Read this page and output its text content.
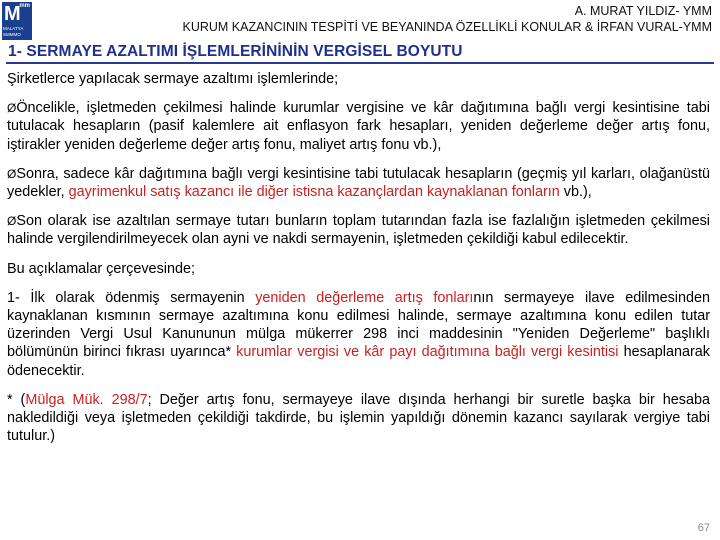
M
mm
MALATYA SMMMO
A. MURAT YILDIZ- YMM
KURUM KAZANCININ TESPİTİ VE BEYANINDA ÖZELLİKLİ KONULAR & İRFAN VURAL-YMM
1- SERMAYE AZALTIMI İŞLEMLERİNİNİN VERGİSEL BOYUTU

Şirketlerce yapılacak sermaye azaltımı işlemlerinde;

ØÖncelikle, işletmeden çekilmesi halinde kurumlar vergisine ve kâr dağıtımına bağlı vergi kesintisine tabi tutulacak hesapların (pasif kalemlere ait enflasyon fark hesapları, yeniden değerleme değer artış fonu, iştirakler yeniden değerleme değer artış fonu, maliyet artış fonu vb.),

ØSonra, sadece kâr dağıtımına bağlı vergi kesintisine tabi tutulacak hesapların (geçmiş yıl karları, olağanüstü yedekler, gayrimenkul satış kazancı ile diğer istisna kazançlardan kaynaklanan fonların vb.),

ØSon olarak ise azaltılan sermaye tutarı bunların toplam tutarından fazla ise fazlalığın işletmeden çekilmesi halinde vergilendirilmeyecek olan ayni ve nakdi sermayenin, işletmeden çekildiği kabul edilecektir.

Bu açıklamalar çerçevesinde;

1- İlk olarak ödenmiş sermayenin yeniden değerleme artış fonlarının sermayeye ilave edilmesinden kaynaklanan kısmının sermaye azaltımına konu edilmesi halinde, sermaye azaltımına konu edilen tutar üzerinden Vergi Usul Kanununun mülga mükerrer 298 inci maddesinin "Yeniden Değerleme" başlıklı bölümünün birinci fıkrası uyarınca* kurumlar vergisi ve kâr payı dağıtımına bağlı vergi kesintisi hesaplanarak ödenecektir.

* (Mülga Mük. 298/7; Değer artış fonu, sermayeye ilave dışında herhangi bir suretle başka bir hesaba nakledildiği veya işletmeden çekildiği takdirde, bu işlemin yapıldığı dönemin kazancı sayılarak vergiye tabi tutulur.)

67
